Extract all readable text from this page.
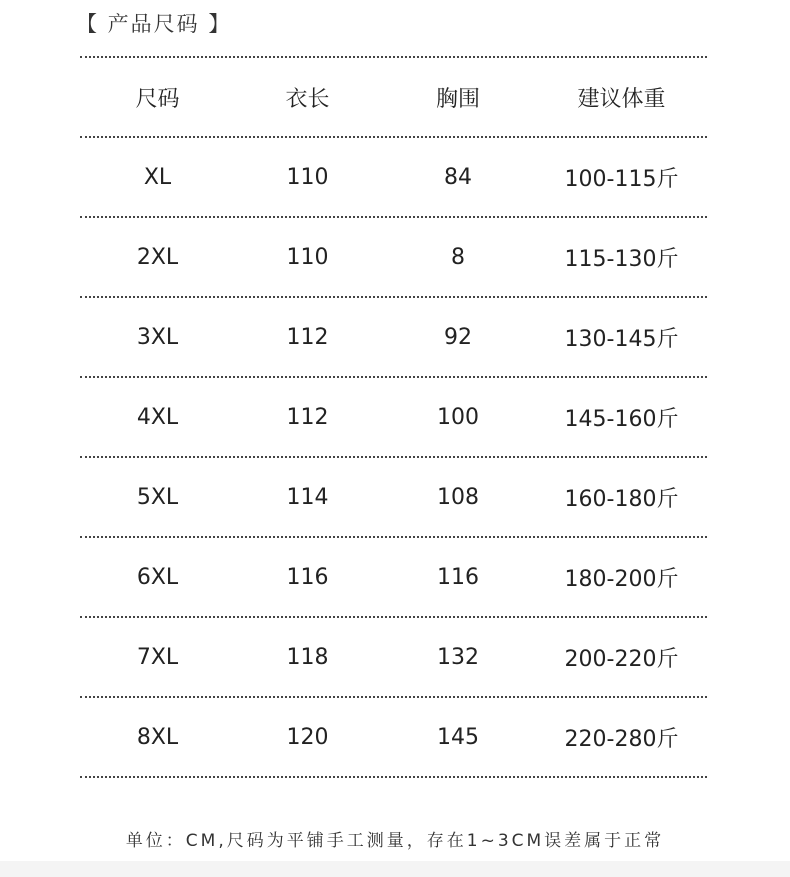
【 产品尺码 】
尺码	衣长	胸围	建议体重
XL	110	84	100-115斤
2XL	110	8	115-130斤
3XL	112	92	130-145斤
4XL	112	100	145-160斤
5XL	114	108	160-180斤
6XL	116	116	180-200斤
7XL	118	132	200-220斤
8XL	120	145	220-280斤
单位：CM,尺码为平铺手工测量，存在1~3CM误差属于正常
